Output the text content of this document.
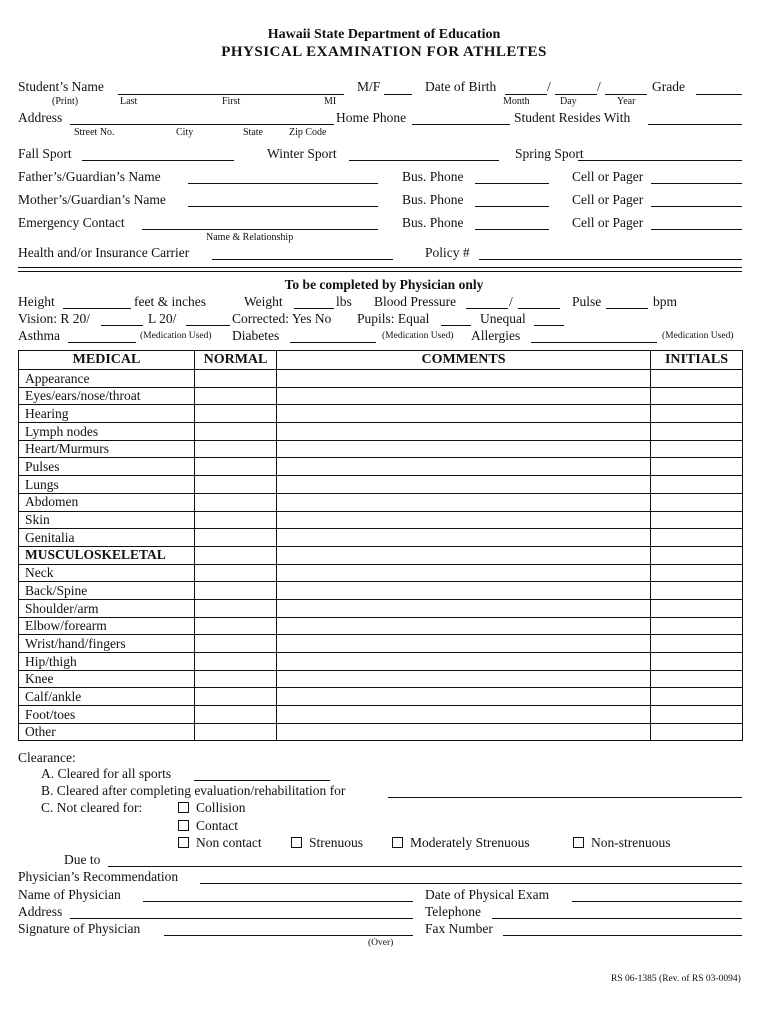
Hawaii State Department of Education
PHYSICAL EXAMINATION FOR ATHLETES
Student’s Name	M/F	Date of Birth	/	/	Grade
(Print)	Last	First	MI	Month	Day	Year
Address	Home Phone	Student Resides With
Street No.	City	State	Zip Code
Fall Sport	Winter Sport	Spring Sport
Father’s/Guardian’s Name	Bus. Phone	Cell or Pager
Mother’s/Guardian’s Name	Bus. Phone	Cell or Pager
Emergency Contact	Bus. Phone	Cell or Pager
Name & Relationship
Health and/or Insurance Carrier	Policy #
To be completed by Physician only
Height	feet & inches	Weight	lbs Blood Pressure	/	Pulse	bpm
Vision: R 20/	L 20/	Corrected: Yes No Pupils: Equal	Unequal
Asthma	(Medication Used) Diabetes	(Medication Used) Allergies	(Medication Used)
MEDICAL	NORMAL	COMMENTS	INITIALS
Appearance			
Eyes/ears/nose/throat			
Hearing			
Lymph nodes			
Heart/Murmurs			
Pulses			
Lungs			
Abdomen			
Skin			
Genitalia			
MUSCULOSKELETAL			
Neck			
Back/Spine			
Shoulder/arm			
Elbow/forearm			
Wrist/hand/fingers			
Hip/thigh			
Knee			
Calf/ankle			
Foot/toes			
Other			
Clearance:
A. Cleared for all sports
B. Cleared after completing evaluation/rehabilitation for
C. Not cleared for:	Collision
Contact
Non contact	Strenuous	Moderately Strenuous	Non-strenuous
Due to
Physician’s Recommendation
Name of Physician	Date of Physical Exam
Address	Telephone
Signature of Physician	Fax Number
(Over)
RS 06-1385 (Rev. of RS 03-0094)
